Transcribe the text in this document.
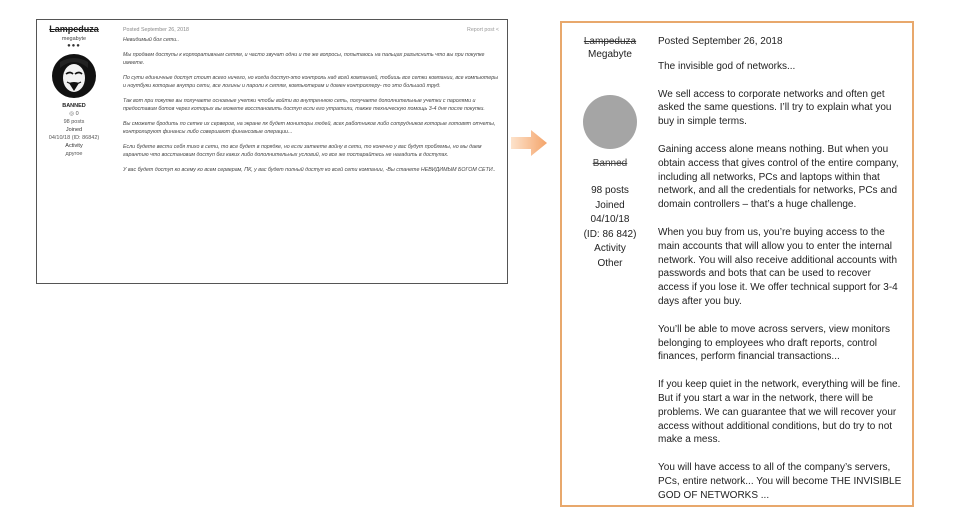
Lampeduza
megabyte
●●●
BANNED
◎ 0
98 posts
Joined
04/10/18 (ID: 86842)
Activity
другое
Posted September 26, 2018	Report post <

Невидимый бог сети..

Мы продаем доступы к корпоративным сетям, и часто звучат одни и те же вопросы, попытаюсь на пальцах разъяснить что вы при покупке имеете.

По сути единичные доступ стоит всего ничего, но когда доступ-это контроль над всей компанией, тобишь все сетки компании, все компьютеры и ноутбуки которые внутри сети, все логины и пароли к сетям, компьютерам и домен контроллеру- то это большой труд.

Так вот при покупке вы получаете основные учетки чтобы войти во внутреннюю сеть, получаете дополнительные учетки с паролями и предоставим ботов через которых вы можете восстановить доступ если его утратили, также техническую помощь 3-4 дня после покупки.

Вы сможете бродить по сетке их серверов, на экране пк будет мониторы людей, всех работников либо сотрудников которые готовят отчеты, контролируют финансы либо совершают финансовые операции...

Если будете вести себя тихо в сети, то все будет в порядке, но если затеете войну в сети, то конечно у вас будут проблемы, но мы даем гарантию что восстановим доступ без каких либо дополнительных условий, но все же постарайтесь не нагадить в доступах.

У вас будет доступ ко всему ко всем серверам, ПК, у вас будет полный доступ ко всей сети компании, -Вы станете НЕВИДИМЫМ БОГОМ СЕТИ..

Lampeduza
Megabyte
Banned
98 posts
Joined
04/10/18
(ID: 86 842)
Activity
Other
Posted September 26, 2018

The invisible god of networks...

We sell access to corporate networks and often get asked the same questions. I’ll try to explain what you buy in simple terms.

Gaining access alone means nothing. But when you obtain access that gives control of the entire company, including all networks, PCs and laptops within that network, and all the credentials for networks, PCs and domain controllers – that’s a huge challenge.

When you buy from us, you’re buying access to the main accounts that will allow you to enter the internal network. You will also receive additional accounts with passwords and bots that can be used to recover access if you lose it. We offer technical support for 3-4 days after you buy.

You’ll be able to move across servers, view monitors belonging to employees who draft reports, control finances, perform financial transactions...

If you keep quiet in the network, everything will be fine. But if you start a war in the network, there will be problems. We can guarantee that we will recover your access without additional conditions, but do try to not make a mess.

You will have access to all of the company’s servers, PCs, entire network... You will become THE INVISIBLE GOD OF NETWORKS ...
